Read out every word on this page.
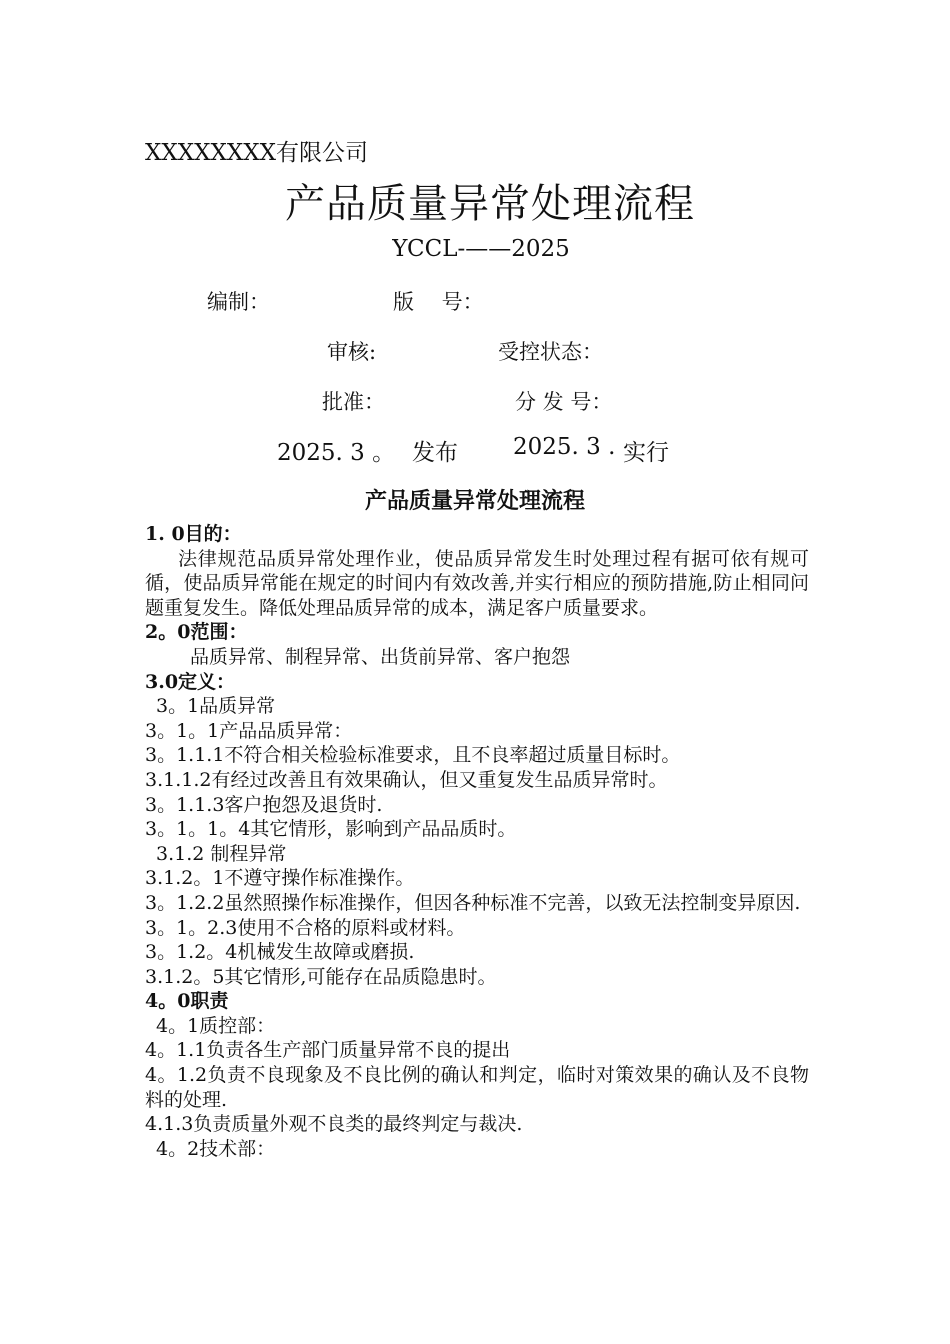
XXXXXXXX有限公司
产品质量异常处理流程
YCCL-——2025
编制：	版　 号：
审核:	受控状态：
批准：	分 发 号：
2025. 3 。 发布 2025. 3 . 实行
产品质量异常处理流程

1. 0目的：

法律规范品质异常处理作业，使品质异常发生时处理过程有据可依有规可循，使品质异常能在规定的时间内有效改善,并实行相应的预防措施,防止相同问题重复发生。降低处理品质异常的成本，满足客户质量要求。

2。0范围：

品质异常、制程异常、出货前异常、客户抱怨

3.0定义：

3。1品质异常

3。1。1产品品质异常：

3。1.1.1不符合相关检验标准要求，且不良率超过质量目标时。

3.1.1.2有经过改善且有效果确认，但又重复发生品质异常时。

3。1.1.3客户抱怨及退货时.

3。1。1。4其它情形，影响到产品品质时。

3.1.2 制程异常

3.1.2。1不遵守操作标准操作。

3。1.2.2虽然照操作标准操作，但因各种标准不完善，以致无法控制变异原因.

3。1。2.3使用不合格的原料或材料。

3。1.2。4机械发生故障或磨损.

3.1.2。5其它情形,可能存在品质隐患时。

4。0职责

4。1质控部：

4。1.1负责各生产部门质量异常不良的提出

4。1.2负责不良现象及不良比例的确认和判定，临时对策效果的确认及不良物料的处理.

4.1.3负责质量外观不良类的最终判定与裁决.

4。2技术部：
